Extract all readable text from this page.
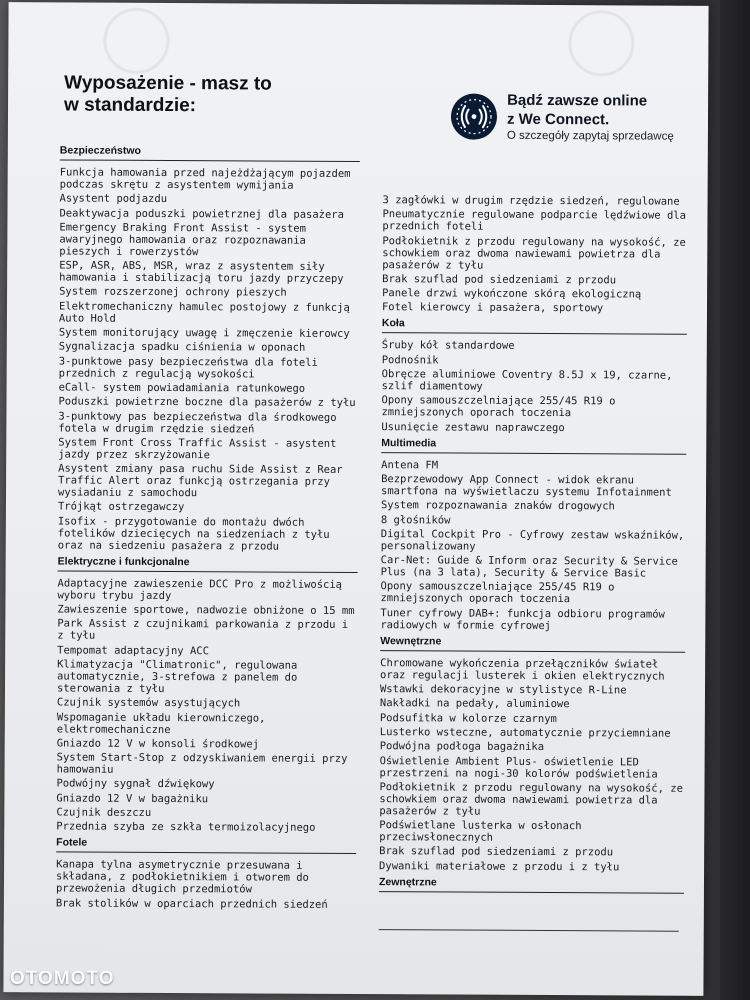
Wyposażenie - masz to
w standardzie:	Bądź zawsze online
z We Connect.
O szczegóły zapytaj sprzedawcę
Bezpieczeństwo
Funkcja hamowania przed najeżdżającym pojazdem podczas skrętu z asystentem wymijania
Asystent podjazdu
Deaktywacja poduszki powietrznej dla pasażera
Emergency Braking Front Assist - system awaryjnego hamowania oraz rozpoznawania pieszych i rowerzystów
ESP, ASR, ABS, MSR, wraz z asystentem siły hamowania i stabilizacją toru jazdy przyczepy
System rozszerzonej ochrony pieszych
Elektromechaniczny hamulec postojowy z funkcją Auto Hold
System monitorujący uwagę i zmęczenie kierowcy
Sygnalizacja spadku ciśnienia w oponach
3-punktowe pasy bezpieczeństwa dla foteli przednich z regulacją wysokości
eCall- system powiadamiania ratunkowego
Poduszki powietrzne boczne dla pasażerów z tyłu
3-punktowy pas bezpieczeństwa dla środkowego fotela w drugim rzędzie siedzeń
System Front Cross Traffic Assist - asystent jazdy przez skrzyżowanie
Asystent zmiany pasa ruchu Side Assist z Rear Traffic Alert oraz funkcją ostrzegania przy wysiadaniu z samochodu
Trójkąt ostrzegawczy
Isofix - przygotowanie do montażu dwóch fotelików dziecięcych na siedzeniach z tyłu oraz na siedzeniu pasażera z przodu
Elektryczne i funkcjonalne
Adaptacyjne zawieszenie DCC Pro z możliwością wyboru trybu jazdy
Zawieszenie sportowe, nadwozie obniżone o 15 mm
Park Assist z czujnikami parkowania z przodu i z tyłu
Tempomat adaptacyjny ACC
Klimatyzacja "Climatronic", regulowana automatycznie, 3-strefowa z panelem do sterowania z tyłu
Czujnik systemów asystujących
Wspomaganie układu kierowniczego, elektromechaniczne
Gniazdo 12 V w konsoli środkowej
System Start-Stop z odzyskiwaniem energii przy hamowaniu
Podwójny sygnał dźwiękowy
Gniazdo 12 V w bagażniku
Czujnik deszczu
Przednia szyba ze szkła termoizolacyjnego
Fotele
Kanapa tylna asymetrycznie przesuwana i składana, z podłokietnikiem i otworem do przewożenia długich przedmiotów
Brak stolików w oparciach przednich siedzeń
3 zagłówki w drugim rzędzie siedzeń, regulowane
Pneumatycznie regulowane podparcie lędźwiowe dla przednich foteli
Podłokietnik z przodu regulowany na wysokość, ze schowkiem oraz dwoma nawiewami powietrza dla pasażerów z tyłu
Brak szuflad pod siedzeniami z przodu
Panele drzwi wykończone skórą ekologiczną
Fotel kierowcy i pasażera, sportowy
Koła
Śruby kół standardowe
Podnośnik
Obręcze aluminiowe Coventry 8.5J x 19, czarne, szlif diamentowy
Opony samouszczelniające 255/45 R19 o zmniejszonych oporach toczenia
Usunięcie zestawu naprawczego
Multimedia
Antena FM
Bezprzewodowy App Connect - widok ekranu smartfona na wyświetlaczu systemu Infotainment
System rozpoznawania znaków drogowych
8 głośników
Digital Cockpit Pro - Cyfrowy zestaw wskaźników, personalizowany
Car-Net: Guide & Inform oraz Security & Service Plus (na 3 lata), Security & Service Basic
Opony samouszczelniające 255/45 R19 o zmniejszonych oporach toczenia
Tuner cyfrowy DAB+: funkcja odbioru programów radiowych w formie cyfrowej
Wewnętrzne
Chromowane wykończenia przełączników świateł oraz regulacji lusterek i okien elektrycznych
Wstawki dekoracyjne w stylistyce R-Line
Nakładki na pedały, aluminiowe
Podsufitka w kolorze czarnym
Lusterko wsteczne, automatycznie przyciemniane
Podwójna podłoga bagażnika
Oświetlenie Ambient Plus- oświetlenie LED przestrzeni na nogi-30 kolorów podświetlenia
Podłokietnik z przodu regulowany na wysokość, ze schowkiem oraz dwoma nawiewami powietrza dla pasażerów z tyłu
Podświetlane lusterka w osłonach przeciwsłonecznych
Brak szuflad pod siedzeniami z przodu
Dywaniki materiałowe z przodu i z tyłu
Zewnętrzne
OTOMOTO
